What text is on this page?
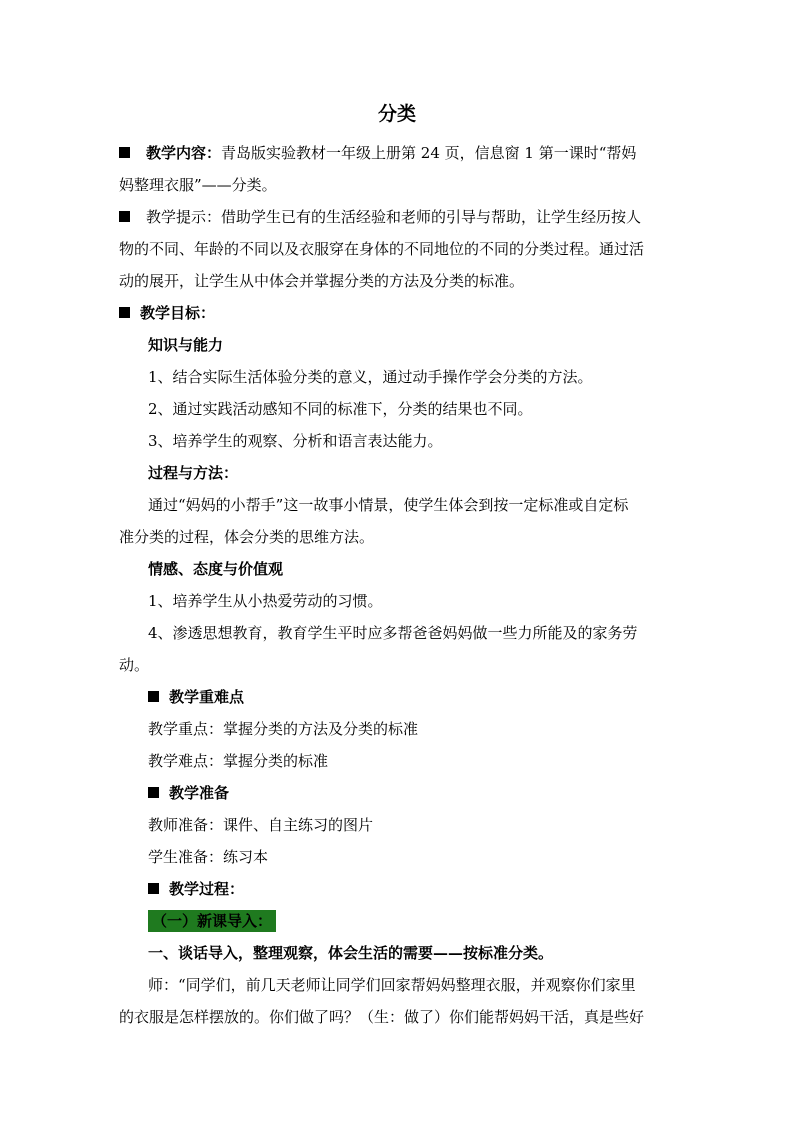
分类
教学内容：青岛版实验教材一年级上册第 24 页，信息窗 1 第一课时“帮妈
妈整理衣服”——分类。
教学提示：借助学生已有的生活经验和老师的引导与帮助，让学生经历按人
物的不同、年龄的不同以及衣服穿在身体的不同地位的不同的分类过程。通过活
动的展开，让学生从中体会并掌握分类的方法及分类的标准。
教学目标：
知识与能力
1、结合实际生活体验分类的意义，通过动手操作学会分类的方法。
2、通过实践活动感知不同的标准下，分类的结果也不同。
3、培养学生的观察、分析和语言表达能力。
过程与方法：
通过“妈妈的小帮手”这一故事小情景，使学生体会到按一定标准或自定标
准分类的过程，体会分类的思维方法。
情感、态度与价值观
1、培养学生从小热爱劳动的习惯。
4、渗透思想教育，教育学生平时应多帮爸爸妈妈做一些力所能及的家务劳
动。
教学重难点
教学重点：掌握分类的方法及分类的标准
教学难点：掌握分类的标准
教学准备
教师准备：课件、自主练习的图片
学生准备：练习本
教学过程：
（一）新课导入：
一、谈话导入，整理观察，体会生活的需要——按标准分类。
师：“同学们，前几天老师让同学们回家帮妈妈整理衣服，并观察你们家里
的衣服是怎样摆放的。你们做了吗？（生：做了）你们能帮妈妈干活，真是些好
